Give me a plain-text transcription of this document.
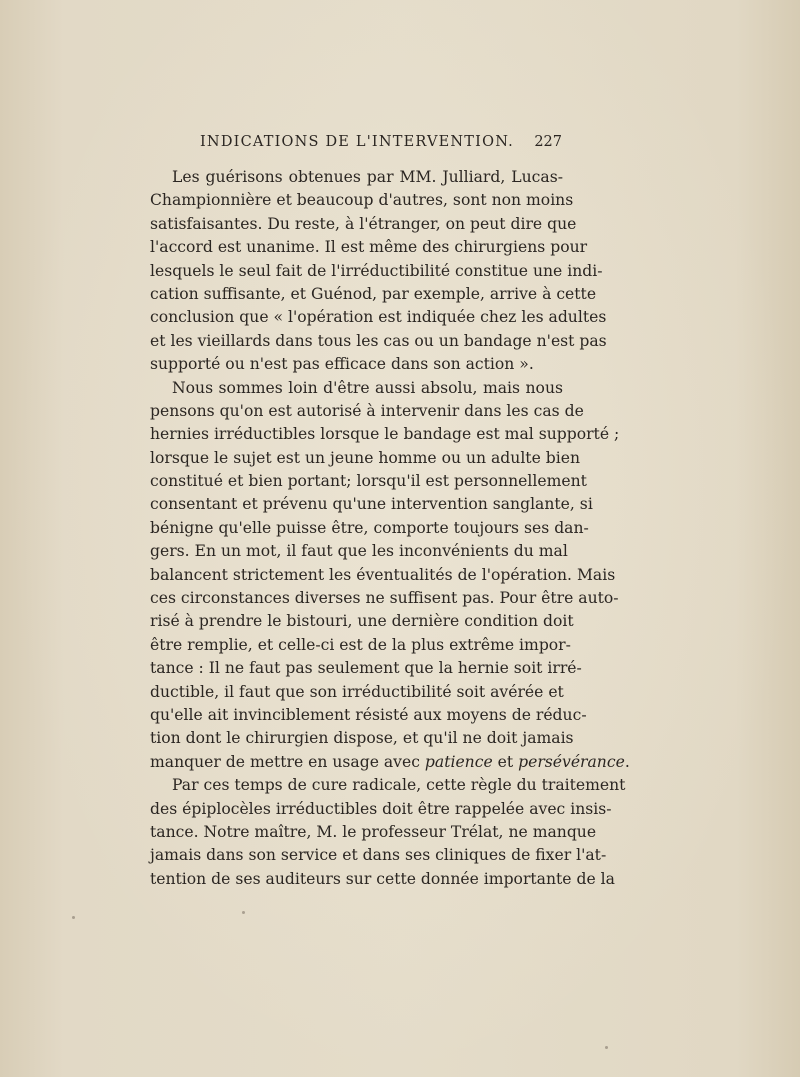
INDICATIONS DE L'INTERVENTION. 227
Les guérisons obtenues par MM. Julliard, Lucas-
Championnière et beaucoup d'autres, sont non moins
satisfaisantes. Du reste, à l'étranger, on peut dire que
l'accord est unanime. Il est même des chirurgiens pour
lesquels le seul fait de l'irréductibilité constitue une indi-
cation suffisante, et Guénod, par exemple, arrive à cette
conclusion que « l'opération est indiquée chez les adultes
et les vieillards dans tous les cas ou un bandage n'est pas
supporté ou n'est pas efficace dans son action ».
Nous sommes loin d'être aussi absolu, mais nous
pensons qu'on est autorisé à intervenir dans les cas de
hernies irréductibles lorsque le bandage est mal supporté ;
lorsque le sujet est un jeune homme ou un adulte bien
constitué et bien portant; lorsqu'il est personnellement
consentant et prévenu qu'une intervention sanglante, si
bénigne qu'elle puisse être, comporte toujours ses dan-
gers. En un mot, il faut que les inconvénients du mal
balancent strictement les éventualités de l'opération. Mais
ces circonstances diverses ne suffisent pas. Pour être auto-
risé à prendre le bistouri, une dernière condition doit
être remplie, et celle-ci est de la plus extrême impor-
tance : Il ne faut pas seulement que la hernie soit irré-
ductible, il faut que son irréductibilité soit avérée et
qu'elle ait invinciblement résisté aux moyens de réduc-
tion dont le chirurgien dispose, et qu'il ne doit jamais
manquer de mettre en usage avec patience et persévérance.
Par ces temps de cure radicale, cette règle du traitement
des épiplocèles irréductibles doit être rappelée avec insis-
tance. Notre maître, M. le professeur Trélat, ne manque
jamais dans son service et dans ses cliniques de fixer l'at-
tention de ses auditeurs sur cette donnée importante de la
